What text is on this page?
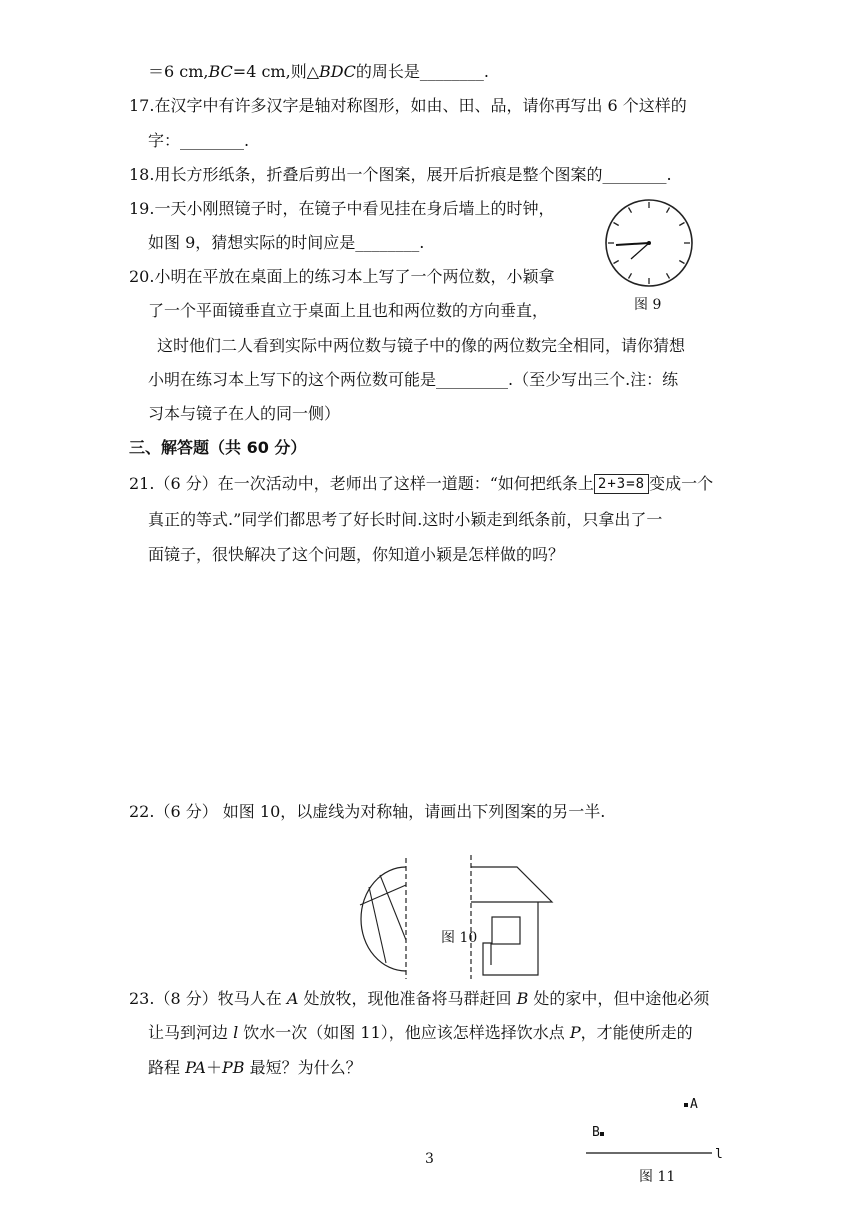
＝6 cm,BC=4 cm,则△BDC的周长是________.
17.在汉字中有许多汉字是轴对称图形，如由、田、品，请你再写出 6 个这样的
字：________.
18.用长方形纸条，折叠后剪出一个图案，展开后折痕是整个图案的________.
19.一天小刚照镜子时，在镜子中看见挂在身后墙上的时钟，
如图 9，猜想实际的时间应是________.
图 9
20.小明在平放在桌面上的练习本上写了一个两位数，小颖拿
了一个平面镜垂直立于桌面上且也和两位数的方向垂直，
这时他们二人看到实际中两位数与镜子中的像的两位数完全相同，请你猜想
小明在练习本上写下的这个两位数可能是_________.（至少写出三个.注：练
习本与镜子在人的同一侧）
三、解答题（共 60 分）
21.（6 分）在一次活动中，老师出了这样一道题：“如何把纸条上 2+3=8 变成一个
真正的等式.”同学们都思考了好长时间.这时小颖走到纸条前，只拿出了一
面镜子，很快解决了这个问题，你知道小颖是怎样做的吗？
22.（6 分） 如图 10，以虚线为对称轴，请画出下列图案的另一半.
图 10
23.（8 分）牧马人在 A 处放牧，现他准备将马群赶回 B 处的家中，但中途他必须
让马到河边 l 饮水一次（如图 11），他应该怎样选择饮水点 P，才能使所走的
路程 PA＋PB 最短？为什么？
A
B
l
图 11
3
